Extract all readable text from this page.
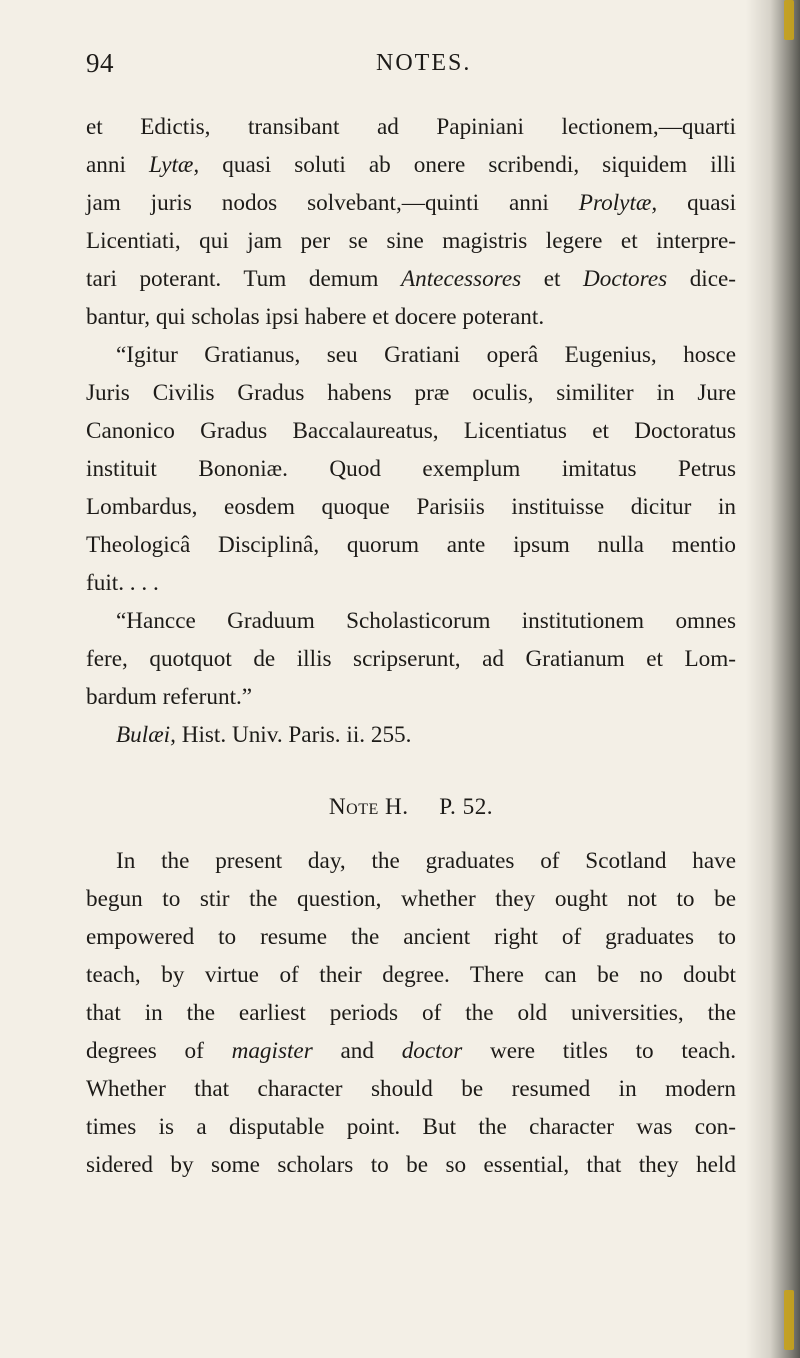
94	NOTES.
et Edictis, transibant ad Papiniani lectionem,—quarti
anni Lytæ, quasi soluti ab onere scribendi, siquidem illi
jam juris nodos solvebant,—quinti anni Prolytæ, quasi
Licentiati, qui jam per se sine magistris legere et interpre-
tari poterant. Tum demum Antecessores et Doctores dice-
bantur, qui scholas ipsi habere et docere poterant.
“Igitur Gratianus, seu Gratiani operâ Eugenius, hosce
Juris Civilis Gradus habens præ oculis, similiter in Jure
Canonico Gradus Baccalaureatus, Licentiatus et Doctoratus
instituit Bononiæ. Quod exemplum imitatus Petrus
Lombardus, eosdem quoque Parisiis instituisse dicitur in
Theologicâ Disciplinâ, quorum ante ipsum nulla mentio
fuit. . . .
“Hancce Graduum Scholasticorum institutionem omnes
fere, quotquot de illis scripserunt, ad Gratianum et Lom-
bardum referunt.”
Bulæi, Hist. Univ. Paris. ii. 255.
Note H. P. 52.
In the present day, the graduates of Scotland have
begun to stir the question, whether they ought not to be
empowered to resume the ancient right of graduates to
teach, by virtue of their degree. There can be no doubt
that in the earliest periods of the old universities, the
degrees of magister and doctor were titles to teach.
Whether that character should be resumed in modern
times is a disputable point. But the character was con-
sidered by some scholars to be so essential, that they held
